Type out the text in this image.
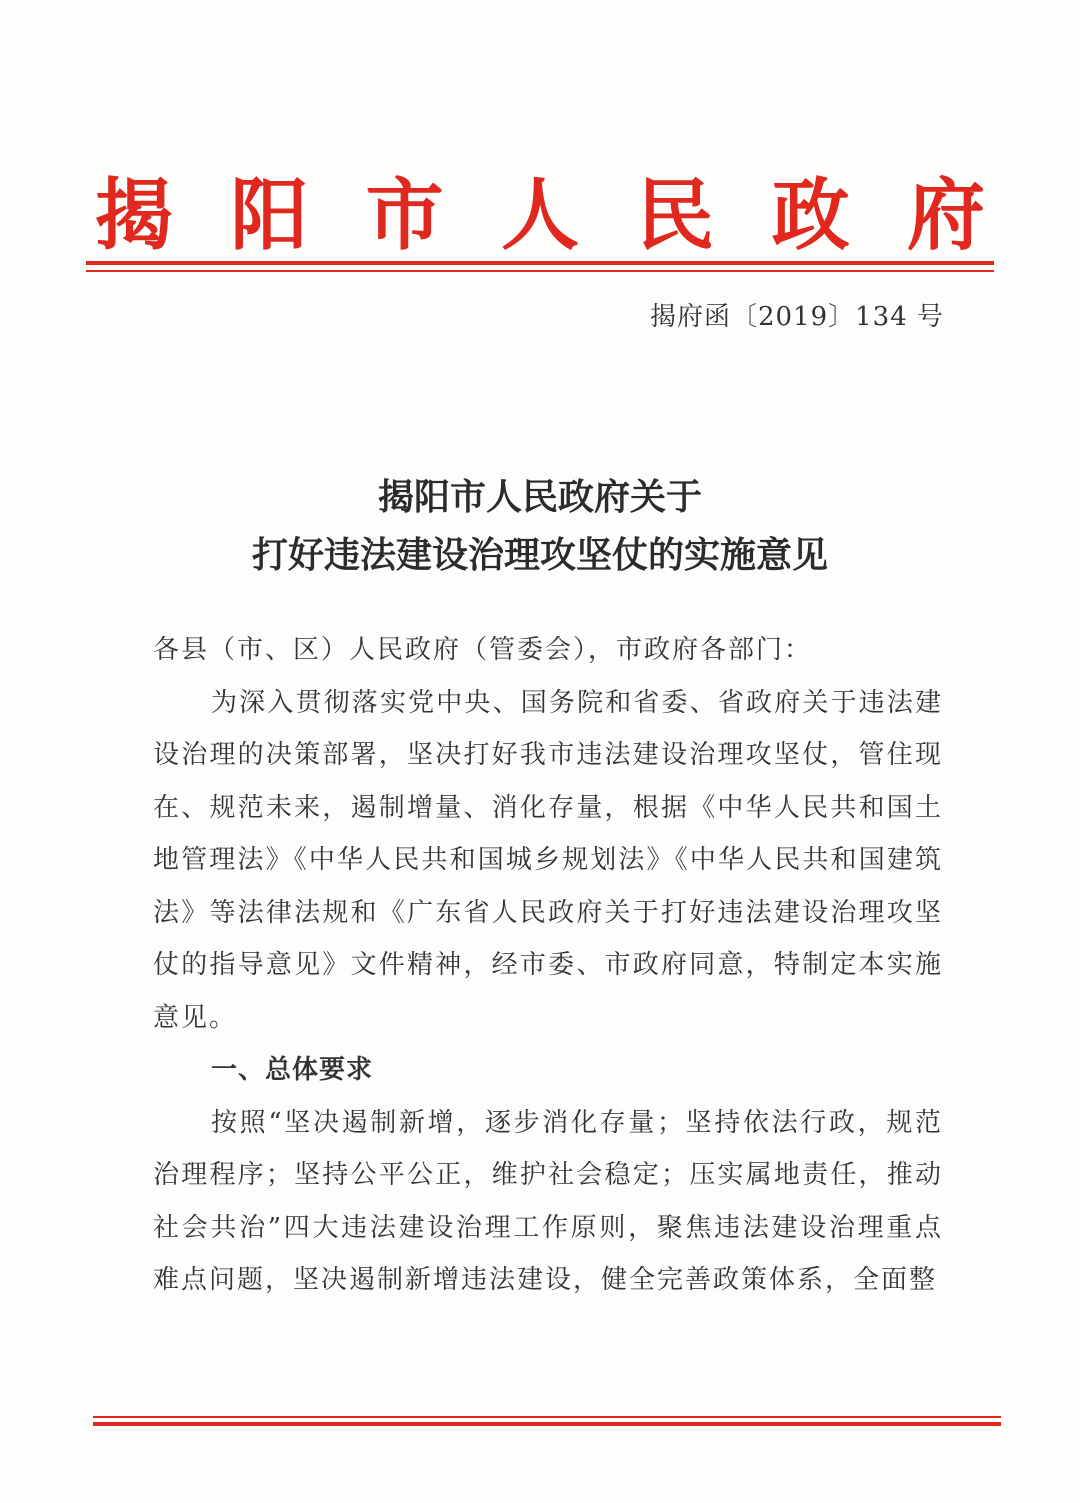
揭 阳 市 人 民 政 府
揭府函〔2019〕134 号
揭阳市人民政府关于
打好违法建设治理攻坚仗的实施意见

各县（市、区）人民政府（管委会），市政府各部门：

为深入贯彻落实党中央、国务院和省委、省政府关于违法建设治理的决策部署，坚决打好我市违法建设治理攻坚仗，管住现在、规范未来，遏制增量、消化存量，根据《中华人民共和国土地管理法》《中华人民共和国城乡规划法》《中华人民共和国建筑法》等法律法规和《广东省人民政府关于打好违法建设治理攻坚仗的指导意见》文件精神，经市委、市政府同意，特制定本实施意见。

一、总体要求

按照“坚决遏制新增，逐步消化存量；坚持依法行政，规范治理程序；坚持公平公正，维护社会稳定；压实属地责任，推动社会共治”四大违法建设治理工作原则，聚焦违法建设治理重点难点问题，坚决遏制新增违法建设，健全完善政策体系，全面整
